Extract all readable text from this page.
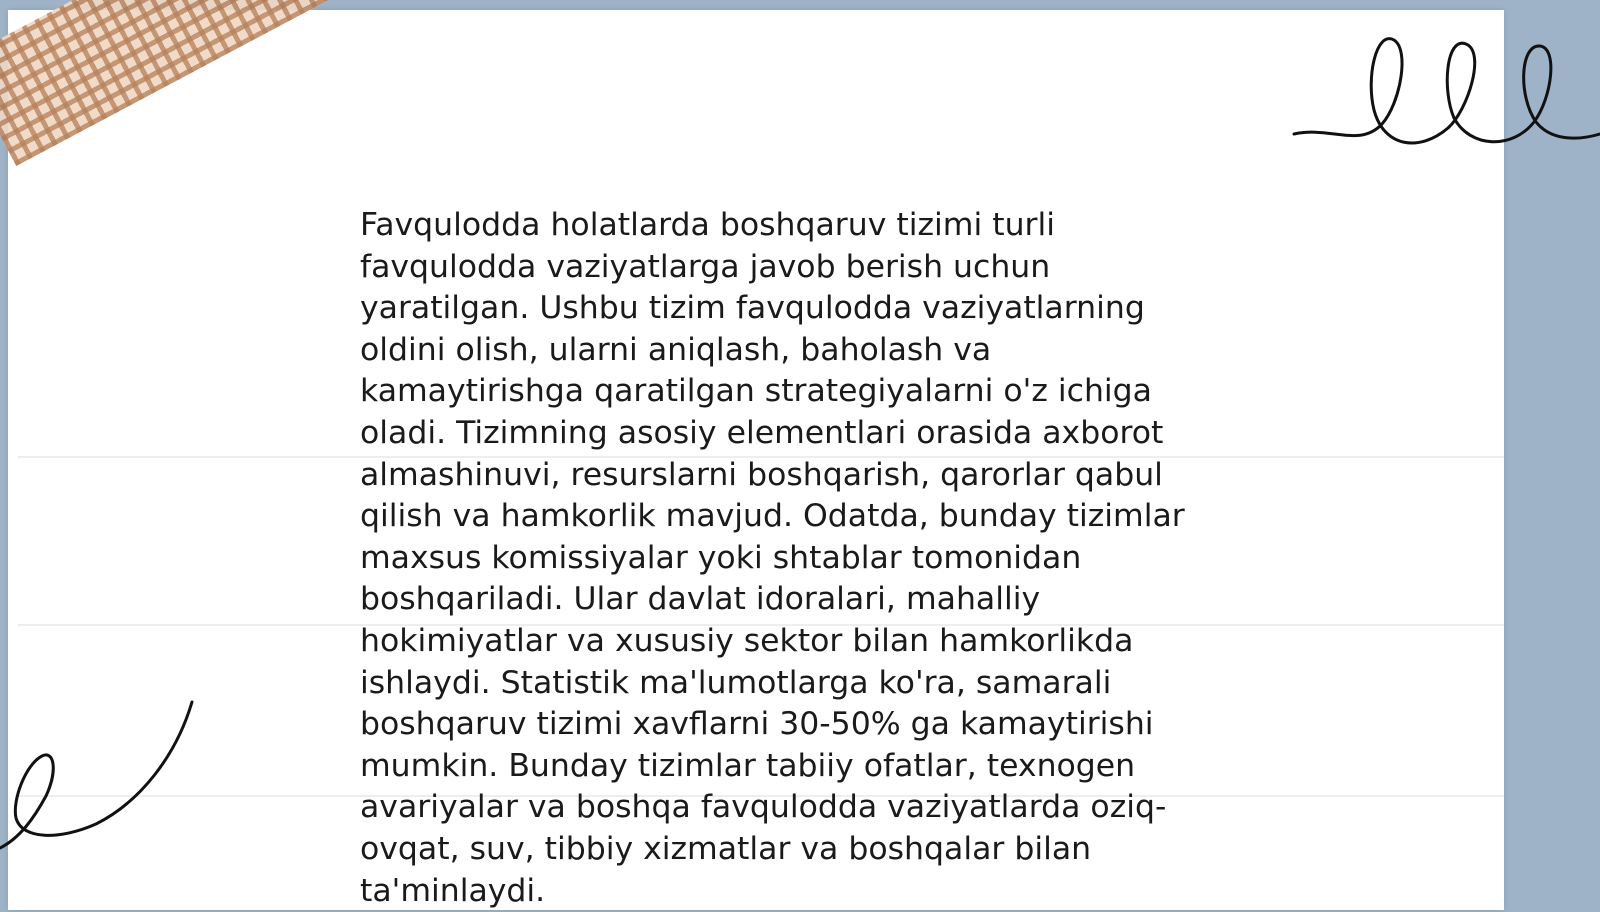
Favqulodda holatlarda boshqaruv tizimi turli favqulodda vaziyatlarga javob berish uchun yaratilgan. Ushbu tizim favqulodda vaziyatlarning oldini olish, ularni aniqlash, baholash va kamaytirishga qaratilgan strategiyalarni o'z ichiga oladi. Tizimning asosiy elementlari orasida axborot almashinuvi, resurslarni boshqarish, qarorlar qabul qilish va hamkorlik mavjud. Odatda, bunday tizimlar maxsus komissiyalar yoki shtablar tomonidan boshqariladi. Ular davlat idoralari, mahalliy hokimiyatlar va xususiy sektor bilan hamkorlikda ishlaydi. Statistik ma'lumotlarga ko'ra, samarali boshqaruv tizimi xavflarni 30-50% ga kamaytirishi mumkin. Bunday tizimlar tabiiy ofatlar, texnogen avariyalar va boshqa favqulodda vaziyatlarda oziq-ovqat, suv, tibbiy xizmatlar va boshqalar bilan ta'minlaydi.
